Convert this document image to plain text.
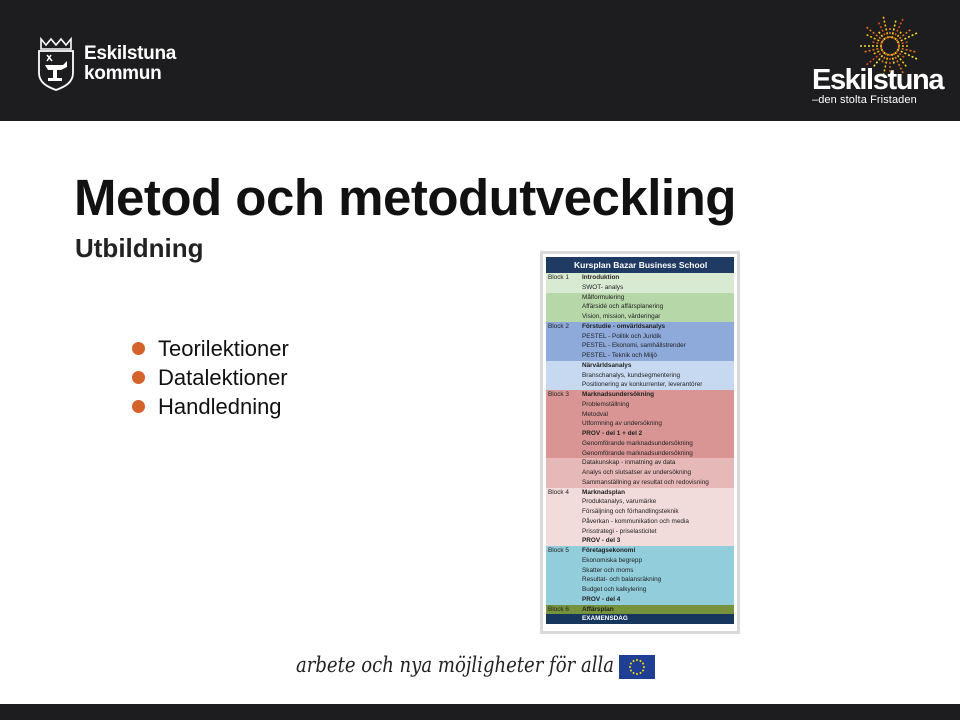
Eskilstuna
kommun	Eskilstuna
–den stolta Fristaden
Metod och metodutveckling
Utbildning
Teorilektioner
Datalektioner
Handledning
Kursplan Bazar Business School
Block 1	Introduktion
SWOT- analys
Målformulering
Affärsidé och affärsplanering
Vision, mission, värderingar
Block 2	Förstudie - omvärldsanalys
PESTEL - Politik och Juridik
PESTEL - Ekonomi, samhällstrender
PESTEL - Teknik och Miljö
Närvärldsanalys
Branschanalys, kundsegmentering
Positionering av konkurrenter, leverantörer
Block 3	Marknadsundersökning
Problemställning
Metodval
Utformning av undersökning
PROV - del 1 + del 2
Genomförande marknadsundersökning
Genomförande marknadsundersökning
Datakunskap - inmatning av data
Analys och slutsatser av undersökning
Sammanställning av resultat och redovisning
Block 4	Marknadsplan
Produktanalys, varumärke
Försäljning och förhandlingsteknik
Påverkan - kommunikation och media
Prisstrategi - priselasticitet
PROV - del 3
Block 5	Företagsekonomi
Ekonomiska begrepp
Skatter och moms
Resultat- och balansräkning
Budget och kalkylering
PROV - del 4
Block 6	Affärsplan
EXAMENSDAG
arbete och nya möjligheter för alla
